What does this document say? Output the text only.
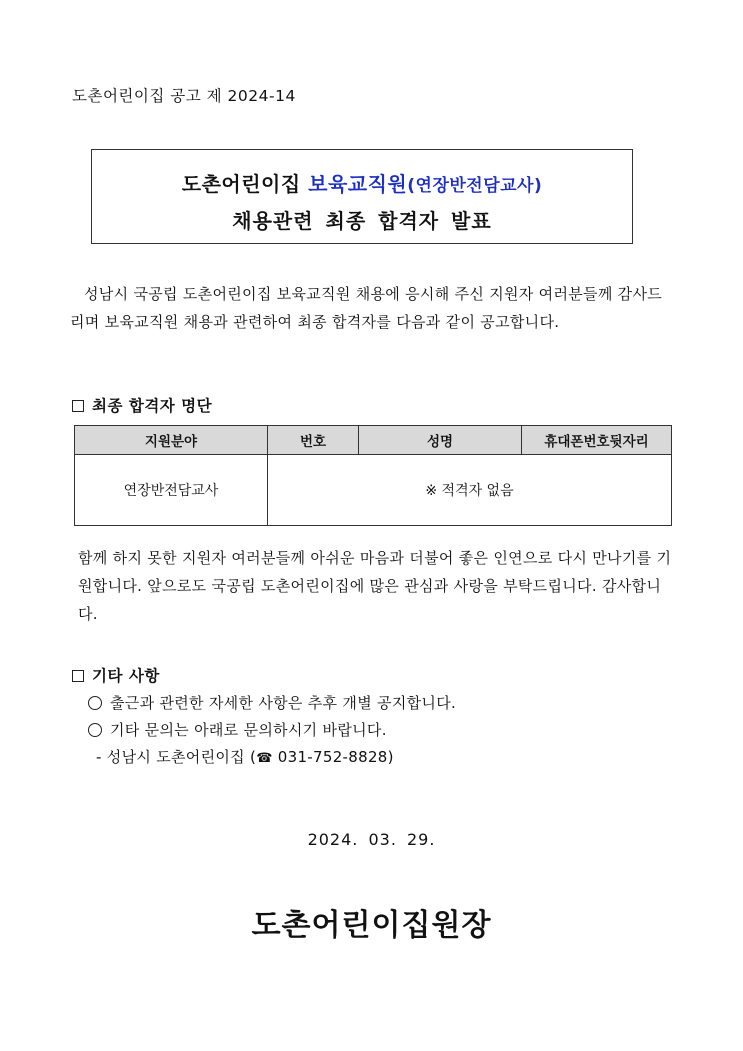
도촌어린이집 공고 제 2024-14
도촌어린이집 보육교직원(연장반전담교사)
채용관련 최종 합격자 발표
성남시 국공립 도촌어린이집 보육교직원 채용에 응시해 주신 지원자 여러분들께 감사드리며 보육교직원 채용과 관련하여 최종 합격자를 다음과 같이 공고합니다.
최종 합격자 명단
지원분야	번호	성명	휴대폰번호뒷자리
연장반전담교사	※ 적격자 없음		
함께 하지 못한 지원자 여러분들께 아쉬운 마음과 더불어 좋은 인연으로 다시 만나기를 기원합니다. 앞으로도 국공립 도촌어린이집에 많은 관심과 사랑을 부탁드립니다. 감사합니다.
기타 사항
출근과 관련한 자세한 사항은 추후 개별 공지합니다.
기타 문의는 아래로 문의하시기 바랍니다.
- 성남시 도촌어린이집 (☎ 031-752-8828)
2024. 03. 29.
도촌어린이집원장
